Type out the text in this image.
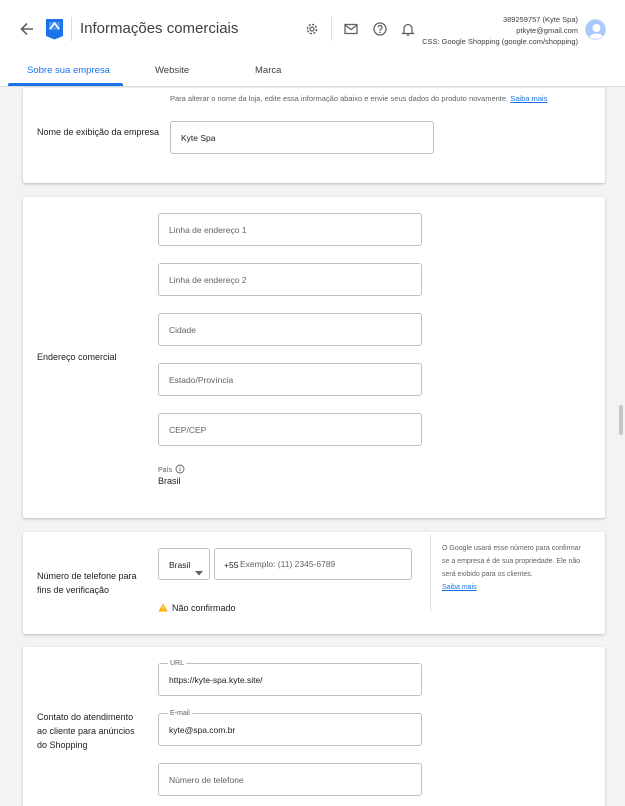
Informações comerciais
389259757 (Kyte Spa)
ptkyte@gmail.com
CSS: Google Shopping (google.com/shopping)
Sobre sua empresa	Website	Marca
Para alterar o nome da loja, edite essa informação abaixo e envie seus dados do produto novamente. Saiba mais
Nome de exibição da empresa
Kyte Spa
Endereço comercial
Linha de endereço 1
Linha de endereço 2
Cidade
Estado/Província
CEP/CEP
País
Brasil
Número de telefone para fins de verificação
Brasil	+55 Exemplo: (11) 2345-6789
Não confirmado
O Google usará esse número para confirmar se a empresa é de sua propriedade. Ele não será exibido para os clientes.
Saiba mais
Contato do atendimento ao cliente para anúncios do Shopping
URL
https://kyte-spa.kyte.site/
E-mail
kyte@spa.com.br
Número de telefone
